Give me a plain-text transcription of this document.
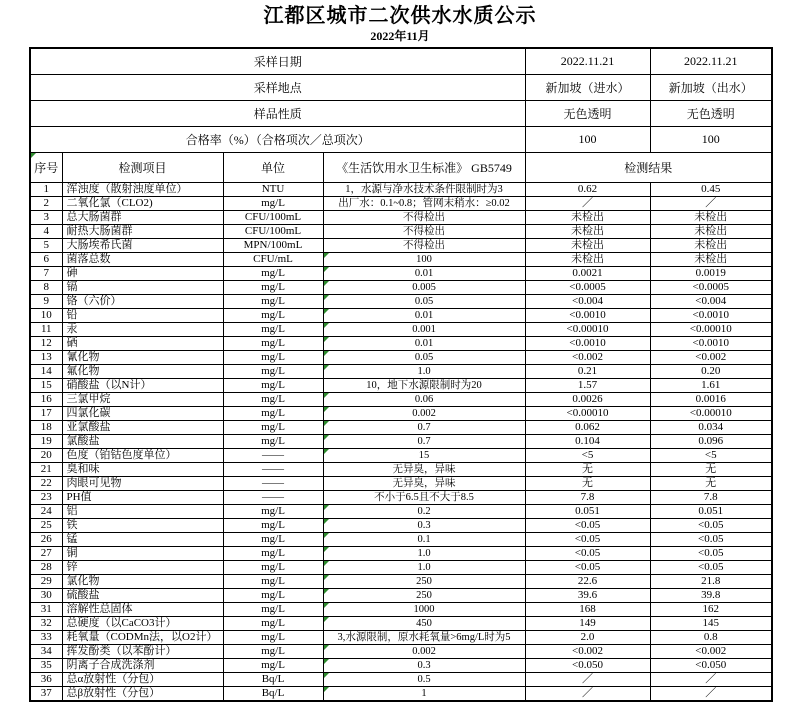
江都区城市二次供水水质公示
2022年11月
采样日期				2022.11.21	2022.11.21
采样地点				新加坡（进水）	新加坡（出水）
样品性质				无色透明	无色透明
合格率（%）（合格项次／总项次）				100	100
序号	检测项目	单位	《生活饮用水卫生标准》 GB5749	检测结果	
1	浑浊度（散射浊度单位）	NTU	1，水源与净水技术条件限制时为3	0.62	0.45
2	二氧化氯（CLO2)	mg/L	出厂水：0.1~0.8；管网末稍水：≥0.02	／	／
3	总大肠菌群	CFU/100mL	不得检出	未检出	未检出
4	耐热大肠菌群	CFU/100mL	不得检出	未检出	未检出
5	大肠埃希氏菌	MPN/100mL	不得检出	未检出	未检出
6	菌落总数	CFU/mL	100	未检出	未检出
7	砷	mg/L	0.01	0.0021	0.0019
8	镉	mg/L	0.005	<0.0005	<0.0005
9	铬（六价）	mg/L	0.05	<0.004	<0.004
10	铅	mg/L	0.01	<0.0010	<0.0010
11	汞	mg/L	0.001	<0.00010	<0.00010
12	硒	mg/L	0.01	<0.0010	<0.0010
13	氰化物	mg/L	0.05	<0.002	<0.002
14	氟化物	mg/L	1.0	0.21	0.20
15	硝酸盐（以N计）	mg/L	10，地下水源限制时为20	1.57	1.61
16	三氯甲烷	mg/L	0.06	0.0026	0.0016
17	四氯化碳	mg/L	0.002	<0.00010	<0.00010
18	亚氯酸盐	mg/L	0.7	0.062	0.034
19	氯酸盐	mg/L	0.7	0.104	0.096
20	色度（铂钴色度单位）	——	15	<5	<5
21	臭和味	——	无异臭，异味	无	无
22	肉眼可见物	——	无异臭，异味	无	无
23	PH值	——	不小于6.5且不大于8.5	7.8	7.8
24	铝	mg/L	0.2	0.051	0.051
25	铁	mg/L	0.3	<0.05	<0.05
26	锰	mg/L	0.1	<0.05	<0.05
27	铜	mg/L	1.0	<0.05	<0.05
28	锌	mg/L	1.0	<0.05	<0.05
29	氯化物	mg/L	250	22.6	21.8
30	硫酸盐	mg/L	250	39.6	39.8
31	溶解性总固体	mg/L	1000	168	162
32	总硬度（以CaCO3计）	mg/L	450	149	145
33	耗氧量（CODMn法，以O2计）	mg/L	3,水源限制，原水耗氧量>6mg/L时为5	2.0	0.8
34	挥发酚类（以苯酚计）	mg/L	0.002	<0.002	<0.002
35	阴离子合成洗涤剂	mg/L	0.3	<0.050	<0.050
36	总α放射性（分包）	Bq/L	0.5	／	／
37	总β放射性（分包）	Bq/L	1	／	／
